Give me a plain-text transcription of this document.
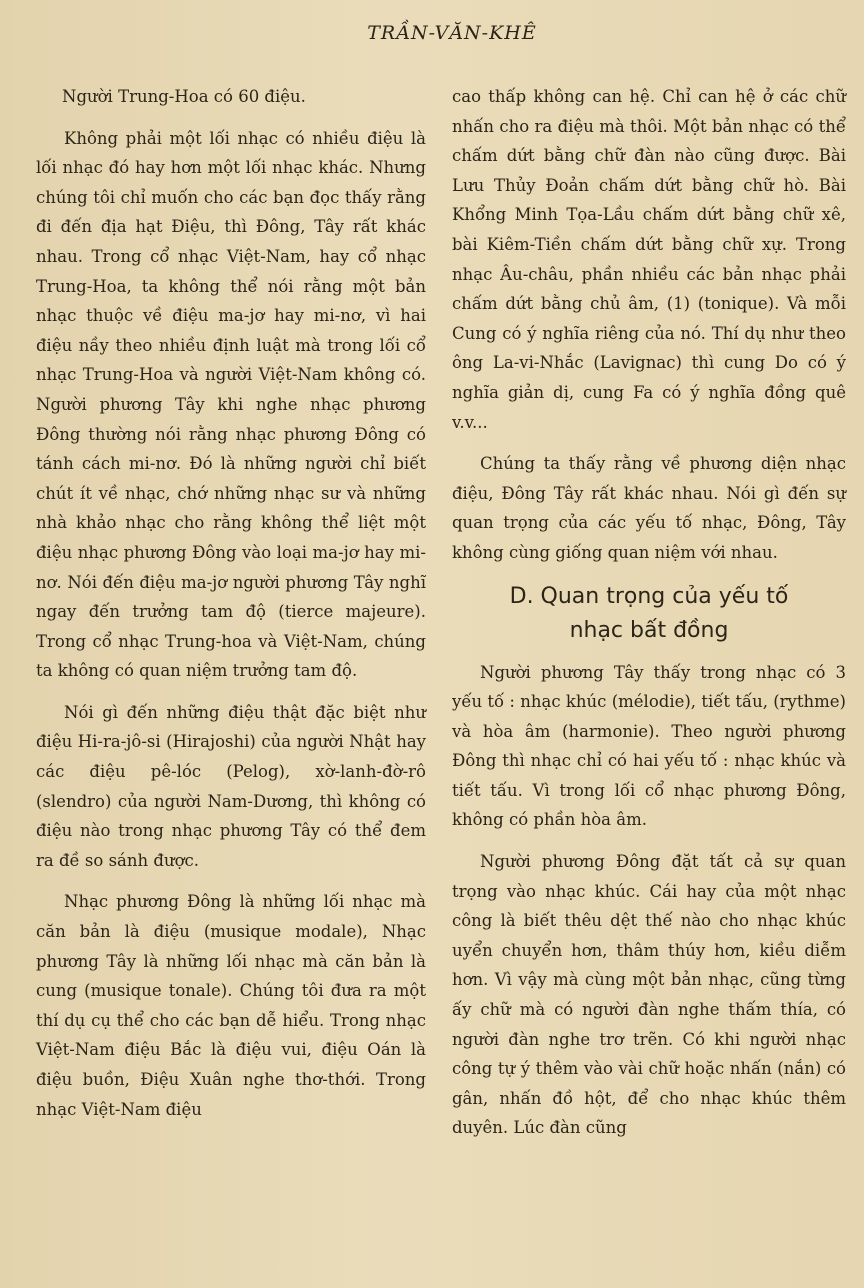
TRẦN-VĂN-KHÊ

Người Trung-Hoa có 60 điệu.

Không phải một lối nhạc có nhiều điệu là lối nhạc đó hay hơn một lối nhạc khác. Nhưng chúng tôi chỉ muốn cho các bạn đọc thấy rằng đi đến địa hạt Điệu, thì Đông, Tây rất khác nhau. Trong cổ nhạc Việt-Nam, hay cổ nhạc Trung-Hoa, ta không thể nói rằng một bản nhạc thuộc về điệu ma-jơ hay mi-nơ, vì hai điệu nầy theo nhiều định luật mà trong lối cổ nhạc Trung-Hoa và người Việt-Nam không có. Người phương Tây khi nghe nhạc phương Đông thường nói rằng nhạc phương Đông có tánh cách mi-nơ. Đó là những người chỉ biết chút ít về nhạc, chớ những nhạc sư và những nhà khảo nhạc cho rằng không thể liệt một điệu nhạc phương Đông vào loại ma-jơ hay mi-nơ. Nói đến điệu ma-jơ người phương Tây nghĩ ngay đến trưởng tam độ (tierce majeure). Trong cổ nhạc Trung-hoa và Việt-Nam, chúng ta không có quan niệm trưởng tam độ.

Nói gì đến những điệu thật đặc biệt như điệu Hi-ra-jô-si (Hirajoshi) của người Nhật hay các điệu pê-lóc (Pelog), xờ-lanh-đờ-rô (slendro) của người Nam-Dương, thì không có điệu nào trong nhạc phương Tây có thể đem ra đề so sánh được.

Nhạc phương Đông là những lối nhạc mà căn bản là điệu (musique modale), Nhạc phương Tây là những lối nhạc mà căn bản là cung (musique tonale). Chúng tôi đưa ra một thí dụ cụ thể cho các bạn dễ hiểu. Trong nhạc Việt-Nam điệu Bắc là điệu vui, điệu Oán là điệu buồn, Điệu Xuân nghe thơ-thới. Trong nhạc Việt-Nam điệu

cao thấp không can hệ. Chỉ can hệ ở các chữ nhấn cho ra điệu mà thôi. Một bản nhạc có thể chấm dứt bằng chữ đàn nào cũng được. Bài Lưu Thủy Đoản chấm dứt bằng chữ hò. Bài Khổng Minh Tọa-Lầu chấm dứt bằng chữ xê, bài Kiêm-Tiền chấm dứt bằng chữ xự. Trong nhạc Âu-châu, phần nhiều các bản nhạc phải chấm dứt bằng chủ âm, (1) (tonique). Và mỗi Cung có ý nghĩa riêng của nó. Thí dụ như theo ông La-vi-Nhắc (Lavignac) thì cung Do có ý nghĩa giản dị, cung Fa có ý nghĩa đồng quê v.v...

Chúng ta thấy rằng về phương diện nhạc điệu, Đông Tây rất khác nhau. Nói gì đến sự quan trọng của các yếu tố nhạc, Đông, Tây không cùng giống quan niệm với nhau.

D. Quan trọng của yếu tố
nhạc bất đồng

Người phương Tây thấy trong nhạc có 3 yếu tố : nhạc khúc (mélodie), tiết tấu, (rythme) và hòa âm (harmonie). Theo người phương Đông thì nhạc chỉ có hai yếu tố : nhạc khúc và tiết tấu. Vì trong lối cổ nhạc phương Đông, không có phần hòa âm.

Người phương Đông đặt tất cả sự quan trọng vào nhạc khúc. Cái hay của một nhạc công là biết thêu dệt thế nào cho nhạc khúc uyển chuyển hơn, thâm thúy hơn, kiều diễm hơn. Vì vậy mà cùng một bản nhạc, cũng từng ấy chữ mà có người đàn nghe thấm thía, có người đàn nghe trơ trẽn. Có khi người nhạc công tự ý thêm vào vài chữ hoặc nhấn (nắn) có gân, nhấn đồ hột, để cho nhạc khúc thêm duyên. Lúc đàn cũng
